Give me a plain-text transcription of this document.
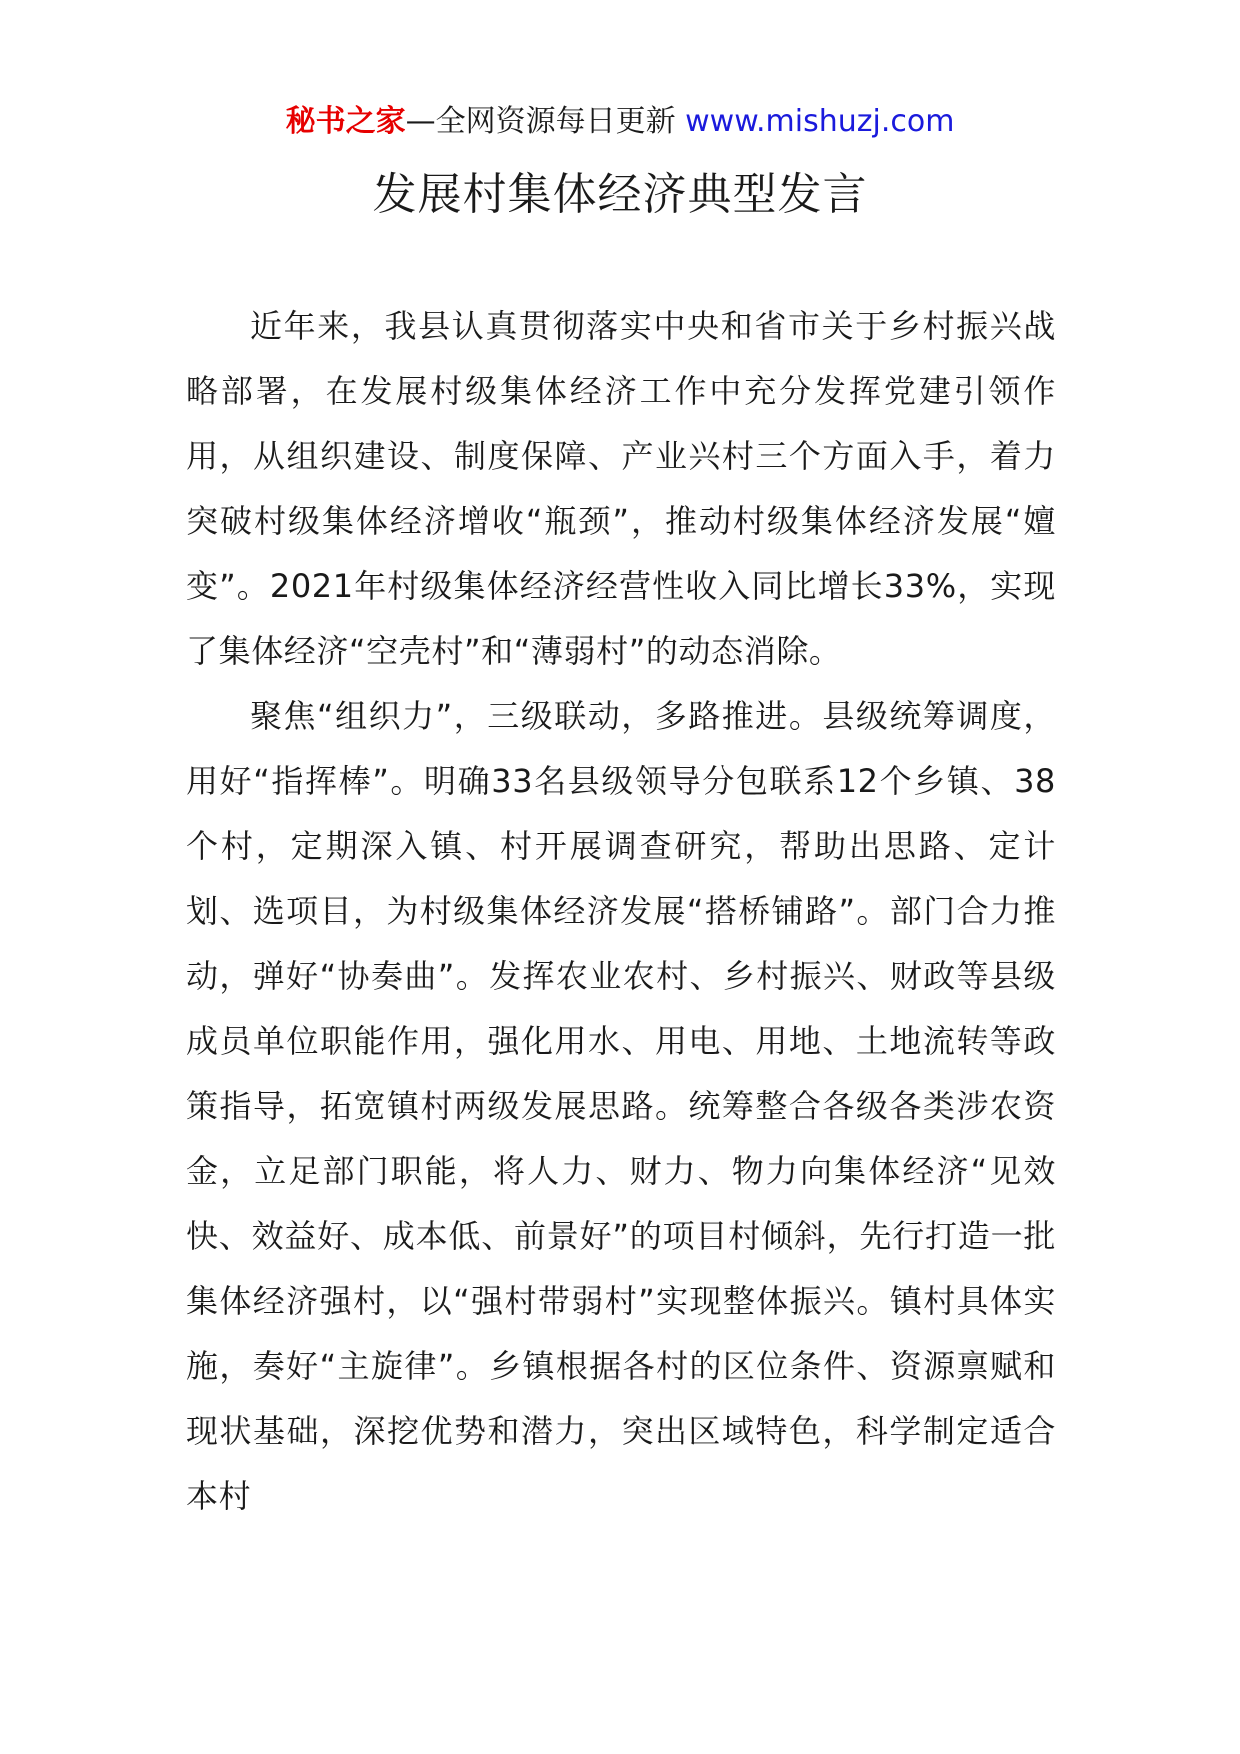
秘书之家—全网资源每日更新 www.mishuzj.com
发展村集体经济典型发言

近年来，我县认真贯彻落实中央和省市关于乡村振兴战略部署，在发展村级集体经济工作中充分发挥党建引领作用，从组织建设、制度保障、产业兴村三个方面入手，着力突破村级集体经济增收“瓶颈”，推动村级集体经济发展“嬗变”。2021年村级集体经济经营性收入同比增长33%，实现了集体经济“空壳村”和“薄弱村”的动态消除。

聚焦“组织力”，三级联动，多路推进。县级统筹调度，用好“指挥棒”。明确33名县级领导分包联系12个乡镇、38个村，定期深入镇、村开展调查研究，帮助出思路、定计划、选项目，为村级集体经济发展“搭桥铺路”。部门合力推动，弹好“协奏曲”。发挥农业农村、乡村振兴、财政等县级成员单位职能作用，强化用水、用电、用地、土地流转等政策指导，拓宽镇村两级发展思路。统筹整合各级各类涉农资金，立足部门职能，将人力、财力、物力向集体经济“见效快、效益好、成本低、前景好”的项目村倾斜，先行打造一批集体经济强村，以“强村带弱村”实现整体振兴。镇村具体实施，奏好“主旋律”。乡镇根据各村的区位条件、资源禀赋和现状基础，深挖优势和潜力，突出区域特色，科学制定适合本村
